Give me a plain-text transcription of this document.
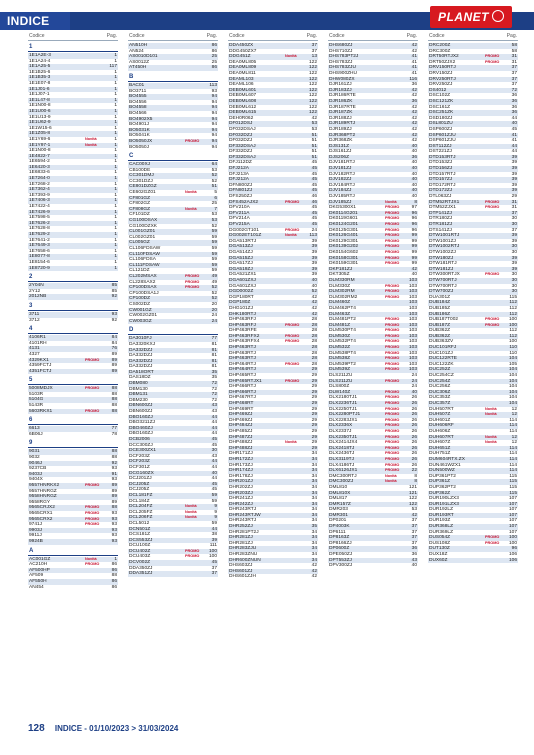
INDICE	PLANET
Codice	Pag.
1
1E1A2E-3	1
1E1A24-4	1
1E1A25-5	117
1E1B25-6	1
1E1B35-3	1
1E1E07-8	1
1E1J01-6	1
1E1J07-1	1
1E1L47-8	1
1E1N00-8	1
1E1U00-6	1
1E1U13-9	1
1E1U62-9	1
1E1W15-6	1
1E1Z05-8	1
1E1Y69-6	Novità	1
1E1Y97-1	Novità	1
1E1N00-8	1
1E4822-7	1
1E6594-2	1
1E6420-3	1
1E6833-6	1
1E7264-0	1
1E7268-2	1
1E7362-4	1
1E7393-9	1
1E7406-3	1
1E7422-4	1
1E7426-9	1
1E7598-5	1
1E7626-2	1
1E7628-8	1
1E7629-2	1
1E7641-2	1
1E7649-3	1
1E7658-6	1
1E8077-8	1
1E8154-6	1
1E8720-9	1
2
2Y04N	85
2Y12	85
2012NB	92
3
3711	93
3712	92
4
4106R1	84
4101RH	84
4131	76
4327	89
4329KX1	PROMO	89
4359FCTJ	89
4351FCTJ	89
5
5008MDJX	PROMO	88
5103R	88
5104G	88
5143R	88
5603RKX1	PROMO	88
6
6613	77
6B06J	78
9
9031	88
9032	88
9046J	92
9237CB	93
9403J	91
9404X	93
9557HNRKX2	PROMO	89
9557HNRGZ	89
9558HNRGZ	89
9558RGY	89
9565CRJX2	PROMO	88
9565CRX1	PROMO	93
9565CRX2	PROMO	93
9741J	PROMO	93
9903J	93
9911J	93
9924B	93
A
AC001GZ	Novità	1
AC210H	PROMO	86
AF500HP	86
AF509	88
AF550H	86
AN454	86
Codice	Pag.
AN510H	86
AN524	86
AS0010D101	25
AS0012Z	25
AT450H	86
B
BAC01	113
BO3711	93
BO4555	94
BO4556	94
BO4558	94
BO4566	94
BO4902X5	94
BO4901J	94
BO5031K	94
BO5041K	94
BO5050JX	PROMO	94
BO5050J	94
C
CAC00XJ	64
CB100DE	53
CC301DMJ	52
CC301DZJ	52
CE801DZGZ	51
CE602GZ01	Novità	5
CF801GZ	6
CF802GZ	25
CF808GZ	Novità	7
CF101DZ	53
CG100DSAX	53
CG100DZXK	52
CL001GZ01	59
CL002GZ01	59
CL005GZ	59
CL106FDSAW	59
CL110FDSAW	59
CL106FDSA	59
CL111FDSAW	59
CL121DZ	59
CL202MSAX	PROMO	49
CL228SAX2	PROMO	49
CP100DSAX	PROMO	52
CP100DSA1J	52
CP100DZ	52
CS002DZ	20
CW001GZ	20
CW002GZ01	24
CW003GZ	24
D
DA3010FJ	77
DA3320KXJ	81
DA332DZJ	81
DA332DZJ	81
DA332DZJ	81
DA332DZJ	81
DA518ORT	35
DAS18DZ	35
DBM080	72
DBM130	72
DBM131	72
DBM230	72
DBN600ZJ	43
DBN600ZJ	43
DBO160ZJ	44
DBO3211ZJ	44
DBO460ZJ	44
DBO160ZJ	44
DCB2006	45
DCC300ZJ	45
DCE300ZX1	30
DCF203Z	43
DCF203Z	44
DCF301Z	44
DCG160ZX	40
DCJ201ZJ	44
DCJ205Z	45
DCJ205Z	45
DCL181FZ	59
DCL184Z	59
DCL204FZ	Novità	9
DCL205FZ	Novità	9
DCL206FZ	Novità	9
DCL5012	59
DCN501Z	44
DCS181Z	38
DCS553ZJ	39
DCU100Z	111
DCU402Z	PROMO	100
DCU403Z	PROMO	100
DCV002Z	45
DDA350ZJ	37
DDA351ZJ	37
Codice	Pag.
DDA450ZX	37
DDG450ZX7	37
DDG451Z	Novità	13
DEA0ML805	122
DEA0ML809	122
DEA0ML811	122
DEAML103	122
DEAML106	122
DEB0ML601	122
DEB0ML607	122
DEB0ML608	122
DEB0ML612	122
DEB0ML615	122
DEH0R062	42
DF012DSJ	53
DF032DSAJ	53
DF032DZJ	51
DF032DZJ	51
DF332DSAJ	51
DF332DZJ	51
DF332DSAJ	51
DFJ112DZ	45
DFJ212A	45
DFJ213A	45
DFJ212A	45
DFN800ZJ	45
DFN801ZJ	45
DFS250ZJ	46
DFS452AJX2	PROMO	46
DFV210A	45
DFV211A	45
DFV214A	45
DFV215A	45
DG002GT101	PROMO	24
DG002ET101Z	Novità	113
DGA513RTJ	39
DGA513ZJ	39
DGA514ZJ	39
DGA515ZJ	39
DGA517ZJ	39
DGA519ZJ	39
DGA521ZX1	39
DGA601ZXJ	40
DGA601ZXJ	40
DGD0002Z	52
DGP180RT	42
DGP180Z	42
DHG101ZJ	42
DHK180RTJ	42
DHP463RFJ	28
DHP463RFJ	PROMO	28
DHP463RFE	28
DHP463RFX2	PROMO	28
DHP463RFX4	PROMO	28
DHP463RTJ	28
DHP463RTJ	28
DHP463RTJ	28
DHP464RTJ	PROMO	28
DHP464RTJ	29
DHP465RTJ	29
DHP465RTJX1	PROMO	29
DHP466RTJ	29
DHP466RTJ	29
DHP467RTJ	29
DHP468RT	29
DHP469RT	29
DHP469ZJ	29
DHP469ZJ	29
DHP484ZJ	29
DHP485ZJ	29
DHP487ZJ	29
DHP488ZJ	Novità	29
DHP488ZJ	29
DHR171ZJ	34
DHR172ZJ	34
DHR173ZJ	34
DHR174ZJ	34
DHR178ZJ	34
DHR201ZJ	34
DHR202ZJ	34
DHR203ZJ	34
DHR241ZJ	34
DHR242ZJ	34
DHR243RTJ	34
DHR243RTJW	34
DHR243RTJ	34
DHR252ZJ	35
DHR281PT2J	34
DHR281ZJ	34
DHR281ZJ	34
DHR283ZJU	34
DHR283ZNU	34
DHR600ZNUN	34
DHS603ZJ	42
DHS601ZJ	42
DHS601ZJH	42
Codice	Pag.
DHS680ZJ	42
DHS710ZJ	42
DHS783PT2J	41
DHS783ZJ	41
DHS783ZJU	41
DHS900ZHU	41
DHW080ZX	116
DJR161ZJ	36
DJR183ZJ	42
DJR186RTE	42
DJR186ZK	36
DJR187RTE	42
DJR187ZK	42
DJR188ZJ	42
DJR189RTJ	42
DJR189ZJ	42
DJR368PT2	42
DJR368ZK	42
DJS131Z	40
DJS161ZJ	40
DJS206Z	36
DJV181RTJ	40
DJV181ZJ	40
DJV182RTJ	40
DJV182ZJ	40
DJV184RTJ	40
DJV184ZJ	40
DJV185RTJ	40
DJV185ZJ	Novità	8
DKG5300X1	PROMO	97
DK0114G201	PROMO	96
DK0119G601	PROMO	96
DK0124G201	PROMO	96
DK0125G301	PROMO	96
DK0126G401	PROMO	99
DK0129G301	PROMO	99
DK0139G202	PROMO	99
DK0154G602	PROMO	99
DK0158G301	PROMO	99
DK0159G301	PROMO	99
DKP181ZJ	42
DKT305Z	40
DLM330RM	103
DLM330Z	PROMO	103
DLM302RM	PROMO	103
DLM302RM2	PROMO	103
DLM460Z	103
DLM462PT4	103
DLM463Z	103
DLM481PT2	PROMO	103
DLM481Z	PROMO	103
DLM530PT4	PROMO	103
DLM530Z	PROMO	103
DLM532PT4	PROMO	103
DLM532Z	PROMO	103
DLM538PT4	PROMO	103
DLM538Z	PROMO	103
DLM539PT2	PROMO	103
DLM539Z	PROMO	103
DLS211ZU	24
DLS211ZU	PROMO	24
DLS800Z	24
DLW140Z	PROMO	40
DLX2180TJ1	PROMO	26
DLX2236TJ1	PROMO	26
DLX2250TJ1	PROMO	26
DLX2280PTJ1	PROMO	26
DLX2283JX1	PROMO	26
DLX2336X	PROMO	26
DLX2337J	PROMO	26
DLX2350TJ1	PROMO	26
DLX2414JX4	PROMO	26
DLX2418TJ	PROMO	26
DLX2436TJ	PROMO	26
DLX3119TJ	PROMO	26
DLX4186TJ	PROMO	26
DLX6126JX1	PROMO	22
DMC300RTJ	Novità	8
DMC300ZJ	Novità	8
DML810	121
DML810X	121
DML817	122
DMR157Z	122
DMR203	53
DMR301	42
DP0201	37
DP4003K	37
DP6111	37
DP8163Z	37
DP8166ZJ	37
DP0600Z	36
DPE050ZJ	36
DPT553ZJ	43
DPV300ZJ	40
Codice	Pag.
DRC200Z	58
DRC300Z	58
DRT50RTJX2	PROMO	31
DRT50ZJX2	PROMO	31
DRV150RTJ	37
DRV150ZJ	37
DRV250RTJ	37
DRV250ZJ	37
DS4012	72
DSC102Z	36
DSC121ZK	36
DSC161Z	36
DSC251ZK	36
DSD180ZJ	44
DSL801ZU	40
DSP600ZJ	45
DSP601ZJU	41
DSP601ZJU	41
DST112ZJ	44
DST221ZJ	44
DTD153RTJ	39
DTD153ZJ	39
DTD156ZJ	39
DTD157RTJ	39
DTD157ZJ	39
DTD172RTJ	39
DTD172ZJ	39
DTL063ZJ	29
DTM52RTJX1	PROMO	31
DTM52ZJX1	PROMO	31
DTP141ZJ	37
DTR180ZJ	30
DTR181ZJ	30
DTS141ZJ	37
DTW1001RTJ	39
DTW1001ZJ	39
DTW1002RTJ	30
DTW1002ZJ	30
DTW180ZJ	39
DTW181RTJ	39
DTW181ZJ	39
DTW300RTJX	PROMO	30
DTW700RTJ	30
DTW700RTJ	30
DTW700ZJ	30
DUA301Z	115
DUB184Z	112
DUB185Z	112
DUB186Z	112
DUB187T002	PROMO	100
DUB187Z	PROMO	100
DUB362Z	112
DUB362Z	112
DUB363ZV	100
DUC101RFJ	110
DUC101ZJ	110
DUC122RTE	104
DUC122ZK	105
DUC252Z	104
DUC254CZ	104
DUC254Z	104
DUC256Z	104
DUC306Z	104
DUC353Z	104
DUC357Z	104
DUH507RT	Novità	12
DUH507Z	Novità	12
DUH601Z	114
DUH606RF	114
DUH606Z	114
DUH607RT	Novità	12
DUH607Z	Novità	12
DUH651Z	114
DUH751Z	114
DUM604RTX.ZX	114
DUN461WZX1	114
DUN500WZ	114
DUP361PT2	115
DUP361Z	115
DUP362PT2	115
DUP362Z	115
DUR190LZX3	107
DUR191LZX3	107
DUR192LZ	107
DUR193RT	107
DUR193Z	107
DUR368LZ	107
DUR369LZ	107
DUS054Z	PROMO	100
DUS108Z	PROMO	100
DUT130Z	96
DUX18Z	106
DUX60Z	106
128 INDICE - 01/10/2023 > 31/03/2024
